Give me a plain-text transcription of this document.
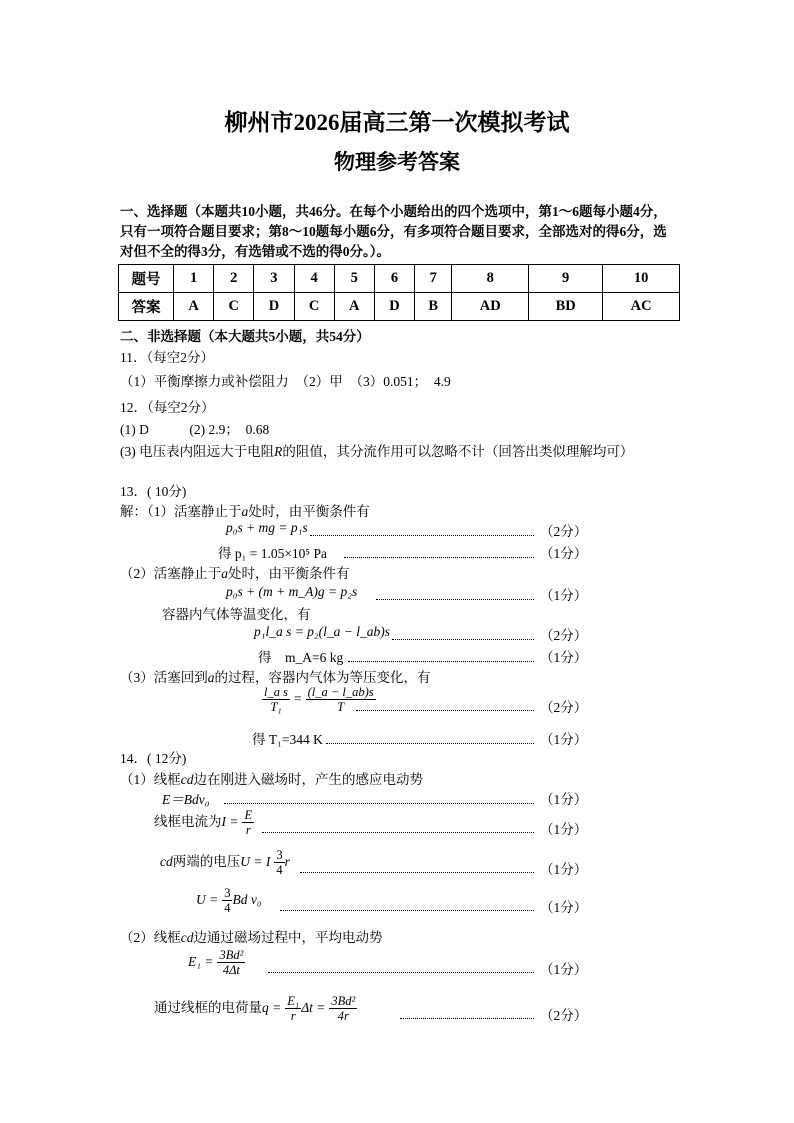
柳州市2026届高三第一次模拟考试
物理参考答案
一、选择题（本题共10小题，共46分。在每个小题给出的四个选项中，第1～6题每小题4分，只有一项符合题目要求；第8～10题每小题6分，有多项符合题目要求，全部选对的得6分，选对但不全的得3分，有选错或不选的得0分。）。
题号	1	2	3	4	5	6	7	8	9	10
答案	A	C	D	C	A	D	B	AD	BD	AC
二、非选择题（本大题共5小题，共54分）
11．（每空2分）
（1）平衡摩擦力或补偿阻力　（2）甲　（3）0.051；　4.9
12．（每空2分）
(1) D　　　(2) 2.9；　0.68
(3) 电压表内阻远大于电阻R的阻值，其分流作用可以忽略不计（回答出类似理解均可）
13．( 10分)
解：（1）活塞静止于a处时，由平衡条件有
p₀s + mg = p₁s	（2分）
得 p₁ = 1.05×10⁵ Pa	（1分）
（2）活塞静止于a处时，由平衡条件有
p₀s + (m + m_A)g = p₂s	（1分）
容器内气体等温变化，有
p₁l_a s = p₂(l_a − l_ab)s	（2分）
得　m_A=6 kg	（1分）
（3）活塞回到a的过程，容器内气体为等压变化，有
$\frac{\text{l\_a s}}{\text{T₁}} = \frac{(l\_a - l\_ab)s}{T}$	（2分）
得 T₁=344 K	（1分）
14．( 12分)
（1）线框cd边在刚进入磁场时，产生的感应电动势
E＝Bdv₀	（1分）
线框电流为$I = \frac{E}{r}$	（1分）
cd两端的电压U = I $\frac{3}{4}$ r
（1分）
$U = \frac{3}{4}$ Bd v₀
（1分）
（2）线框cd边通过磁场过程中，平均电动势
$E_1 = \frac{\text{3Bd²}}{4\Delta t}$	（1分）
通过线框的电荷量$q = \frac{\text{E₁}}{r}$ $\Delta t = \frac{\text{3Bd²}}{4r}$	（2分）
